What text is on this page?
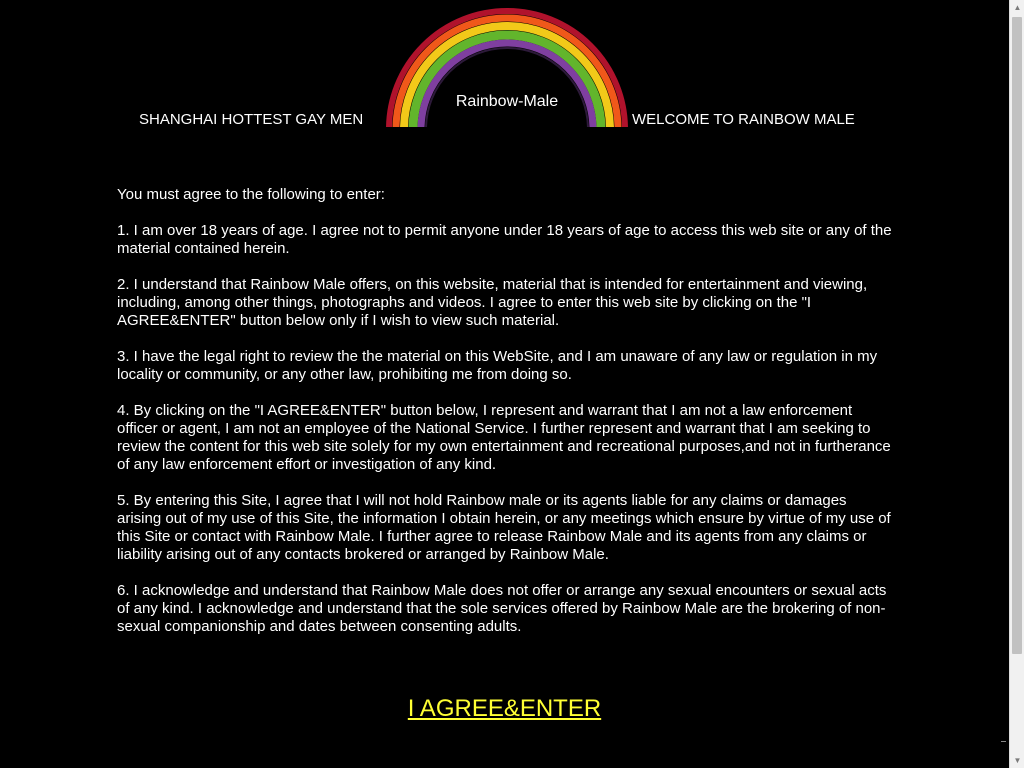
SHANGHAI HOTTEST GAY MEN
Rainbow-Male
WELCOME TO RAINBOW MALE

You must agree to the following to enter:

1. I am over 18 years of age. I agree not to permit anyone under 18 years of age to access this web site or any of the material contained herein.

2. I understand that Rainbow Male offers, on this website, material that is intended for entertainment and viewing, including, among other things, photographs and videos. I agree to enter this web site by clicking on the "I AGREE&ENTER" button below only if I wish to view such material.

3. I have the legal right to review the the material on this WebSite, and I am unaware of any law or regulation in my locality or community, or any other law, prohibiting me from doing so.

4. By clicking on the "I AGREE&ENTER" button below, I represent and warrant that I am not a law enforcement officer or agent, I am not an employee of the National Service. I further represent and warrant that I am seeking to review the content for this web site solely for my own entertainment and recreational purposes,and not in furtherance of any law enforcement effort or investigation of any kind.

5. By entering this Site, I agree that I will not hold Rainbow male or its agents liable for any claims or damages arising out of my use of this Site, the information I obtain herein, or any meetings which ensure by virtue of my use of this Site or contact with Rainbow Male. I further agree to release Rainbow Male and its agents from any claims or liability arising out of any contacts brokered or arranged by Rainbow Male.

6. I acknowledge and understand that Rainbow Male does not offer or arrange any sexual encounters or sexual acts of any kind. I acknowledge and understand that the sole services offered by Rainbow Male are the brokering of non-sexual companionship and dates between consenting adults.

I AGREE&ENTER
▲
▼
